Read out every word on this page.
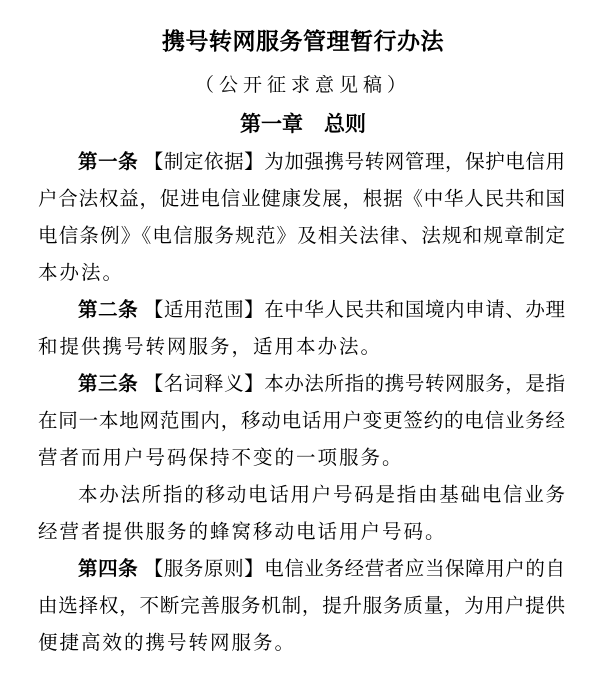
携号转网服务管理暂行办法
（公开征求意见稿）
第一章　总则
第一条 【制定依据】为加强携号转网管理，保护电信用
户合法权益，促进电信业健康发展，根据《中华人民共和国
电信条例》《电信服务规范》及相关法律、法规和规章制定
本办法。
第二条 【适用范围】在中华人民共和国境内申请、办理
和提供携号转网服务，适用本办法。
第三条 【名词释义】本办法所指的携号转网服务，是指
在同一本地网范围内，移动电话用户变更签约的电信业务经
营者而用户号码保持不变的一项服务。
本办法所指的移动电话用户号码是指由基础电信业务
经营者提供服务的蜂窝移动电话用户号码。
第四条 【服务原则】电信业务经营者应当保障用户的自
由选择权，不断完善服务机制，提升服务质量，为用户提供
便捷高效的携号转网服务。
